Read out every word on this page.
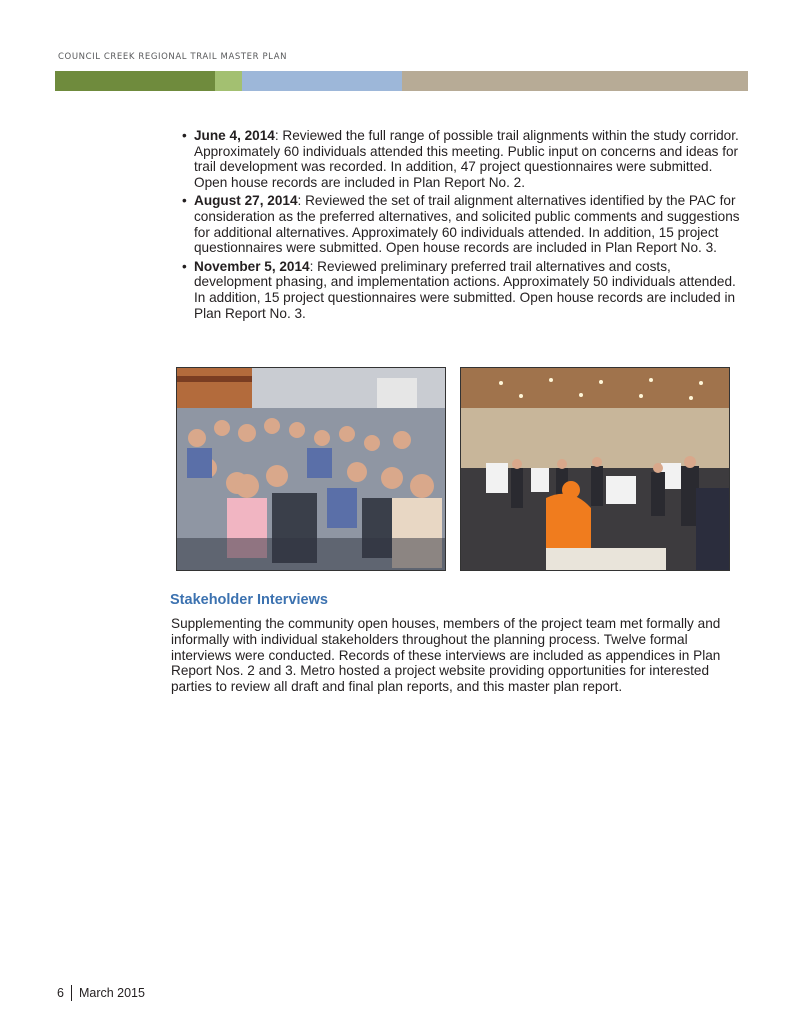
COUNCIL CREEK REGIONAL TRAIL MASTER PLAN
• June 4, 2014: Reviewed the full range of possible trail alignments within the study corridor. Approximately 60 individuals attended this meeting. Public input on concerns and ideas for trail development was recorded. In addition, 47 project questionnaires were submitted. Open house records are included in Plan Report No. 2.
• August 27, 2014: Reviewed the set of trail alignment alternatives identified by the PAC for consideration as the preferred alternatives, and solicited public comments and suggestions for additional alternatives. Approximately 60 individuals attended. In addition, 15 project questionnaires were submitted. Open house records are included in Plan Report No. 3.
• November 5, 2014: Reviewed preliminary preferred trail alternatives and costs, development phasing, and implementation actions. Approximately 50 individuals attended. In addition, 15 project questionnaires were submitted. Open house records are included in Plan Report No. 3.
Stakeholder Interviews

Supplementing the community open houses, members of the project team met formally and informally with individual stakeholders throughout the planning process. Twelve formal interviews were conducted. Records of these interviews are included as appendices in Plan Report Nos. 2 and 3. Metro hosted a project website providing opportunities for interested parties to review all draft and final plan reports, and this master plan report.

6 March 2015
